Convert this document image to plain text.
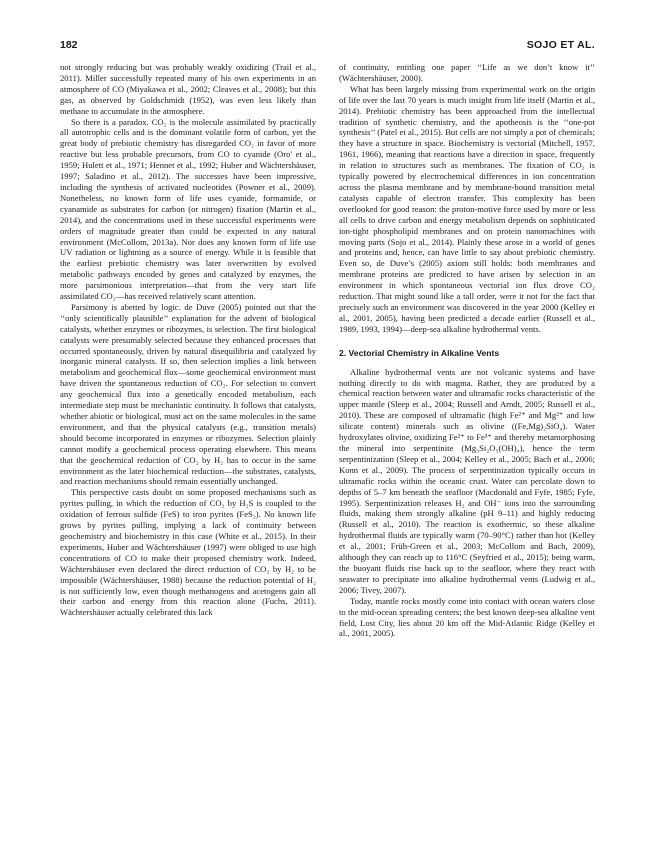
182	SOJO ET AL.

not strongly reducing but was probably weakly oxidizing (Trail et al., 2011). Miller successfully repeated many of his own experiments in an atmosphere of CO (Miyakawa et al., 2002; Cleaves et al., 2008); but this gas, as observed by Goldschmidt (1952), was even less likely than methane to accumulate in the atmosphere.

So there is a paradox. CO₂ is the molecule assimilated by practically all autotrophic cells and is the dominant volatile form of carbon, yet the great body of prebiotic chemistry has disregarded CO₂ in favor of more reactive but less probable precursors, from CO to cyanide (Oro' et al., 1959; Hulett et al., 1971; Hennet et al., 1992; Huber and Wächtershäuser, 1997; Saladino et al., 2012). The successes have been impressive, including the synthesis of activated nucleotides (Powner et al., 2009). Nonetheless, no known form of life uses cyanide, formamide, or cyanamide as substrates for carbon (or nitrogen) fixation (Martin et al., 2014), and the concentrations used in these successful experiments were orders of magnitude greater than could be expected in any natural environment (McCollom, 2013a). Nor does any known form of life use UV radiation or lightning as a source of energy. While it is feasible that the earliest prebiotic chemistry was later overwritten by evolved metabolic pathways encoded by genes and catalyzed by enzymes, the more parsimonious interpretation—that from the very start life assimilated CO₂—has received relatively scant attention.

Parsimony is abetted by logic. de Duve (2005) pointed out that the ‘‘only scientifically plausible’’ explanation for the advent of biological catalysts, whether enzymes or ribozymes, is selection. The first biological catalysts were presumably selected because they enhanced processes that occurred spontaneously, driven by natural disequilibria and catalyzed by inorganic mineral catalysts. If so, then selection implies a link between metabolism and geochemical flux—some geochemical environment must have driven the spontaneous reduction of CO₂. For selection to convert any geochemical flux into a genetically encoded metabolism, each intermediate step must be mechanistic continuity. It follows that catalysts, whether abiotic or biological, must act on the same molecules in the same environment, and that the physical catalysts (e.g., transition metals) should become incorporated in enzymes or ribozymes. Selection plainly cannot modify a geochemical process operating elsewhere. This means that the geochemical reduction of CO₂ by H₂ has to occur in the same environment as the later biochemical reduction—the substrates, catalysts, and reaction mechanisms should remain essentially unchanged.

This perspective casts doubt on some proposed mechanisms such as pyrites pulling, in which the reduction of CO₂ by H₂S is coupled to the oxidation of ferrous sulfide (FeS) to iron pyrites (FeS₂). No known life grows by pyrites pulling, implying a lack of continuity between geochemistry and biochemistry in this case (White et al., 2015). In their experiments, Huber and Wächtershäuser (1997) were obliged to use high concentrations of CO to make their proposed chemistry work. Indeed, Wächtershäuser even declared the direct reduction of CO₂ by H₂ to be impossible (Wächtershäuser, 1988) because the reduction potential of H₂ is not sufficiently low, even though methanogens and acetogens gain all their carbon and energy from this reaction alone (Fuchs, 2011). Wächtershäuser actually celebrated this lack

of continuity, entitling one paper ‘‘Life as we don’t know it’’ (Wächtershäuser, 2000).

What has been largely missing from experimental work on the origin of life over the last 70 years is much insight from life itself (Martin et al., 2014). Prebiotic chemistry has been approached from the intellectual tradition of synthetic chemistry, and the apotheosis is the ‘‘one-pot synthesis’’ (Patel et al., 2015). But cells are not simply a pot of chemicals; they have a structure in space. Biochemistry is vectorial (Mitchell, 1957, 1961, 1966), meaning that reactions have a direction in space, frequently in relation to structures such as membranes. The fixation of CO₂ is typically powered by electrochemical differences in ion concentration across the plasma membrane and by membrane-bound transition metal catalysts capable of electron transfer. This complexity has been overlooked for good reason: the proton-motive force used by more or less all cells to drive carbon and energy metabolism depends on sophisticated ion-tight phospholipid membranes and on protein nanomachines with moving parts (Sojo et al., 2014). Plainly these arose in a world of genes and proteins and, hence, can have little to say about prebiotic chemistry. Even so, de Duve’s (2005) axiom still holds: both membranes and membrane proteins are predicted to have arisen by selection in an environment in which spontaneous vectorial ion flux drove CO₂ reduction. That might sound like a tall order, were it not for the fact that precisely such an environment was discovered in the year 2000 (Kelley et al., 2001, 2005), having been predicted a decade earlier (Russell et al., 1989, 1993, 1994)—deep-sea alkaline hydrothermal vents.

2. Vectorial Chemistry in Alkaline Vents

Alkaline hydrothermal vents are not volcanic systems and have nothing directly to do with magma. Rather, they are produced by a chemical reaction between water and ultramafic rocks characteristic of the upper mantle (Sleep et al., 2004; Russell and Arndt, 2005; Russell et al., 2010). These are composed of ultramafic (high Fe²⁺ and Mg²⁺ and low silicate content) minerals such as olivine ((Fe,Mg)₂SiO₄). Water hydroxylates olivine, oxidizing Fe²⁺ to Fe³⁺ and thereby metamorphosing the mineral into serpentinite (Mg₃Si₂O₅(OH)₄), hence the term serpentinization (Sleep et al., 2004; Kelley et al., 2005; Bach et al., 2006; Konn et al., 2009). The process of serpentinization typically occurs in ultramafic rocks within the oceanic crust. Water can percolate down to depths of 5–7 km beneath the seafloor (Macdonald and Fyfe, 1985; Fyfe, 1995). Serpentinization releases H₂ and OH⁻ ions into the surrounding fluids, making them strongly alkaline (pH 9–11) and highly reducing (Russell et al., 2010). The reaction is exothermic, so these alkaline hydrothermal fluids are typically warm (70–90°C) rather than hot (Kelley et al., 2001; Früh-Green et al., 2003; McCollom and Bach, 2009), although they can reach up to 116°C (Seyfried et al., 2015); being warm, the buoyant fluids rise back up to the seafloor, where they react with seawater to precipitate into alkaline hydrothermal vents (Ludwig et al., 2006; Tivey, 2007).

Today, mantle rocks mostly come into contact with ocean waters close to the mid-ocean spreading centers; the best known deep-sea alkaline vent field, Lost City, lies about 20 km off the Mid-Atlantic Ridge (Kelley et al., 2001, 2005).
